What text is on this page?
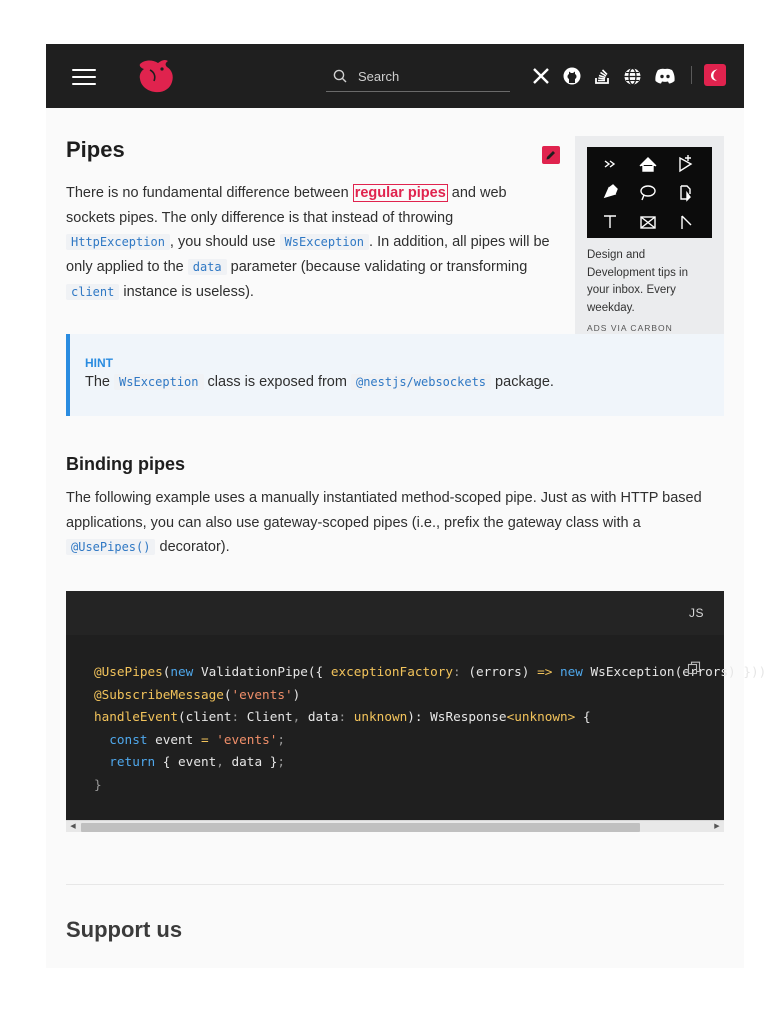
Search
Pipes

There is no fundamental difference between regular pipes and web sockets pipes. The only difference is that instead of throwing HttpException , you should use WsException . In addition, all pipes will be only applied to the data parameter (because validating or transforming client instance is useless).

Design and Development tips in your inbox. Every weekday.
ADS VIA CARBON
HINT
The WsException class is exposed from @nestjs/websockets package.
Binding pipes

The following example uses a manually instantiated method-scoped pipe. Just as with HTTP based applications, you can also use gateway-scoped pipes (i.e., prefix the gateway class with a @UsePipes() decorator).

JS
@UsePipes(new ValidationPipe({ exceptionFactory: (errors) => new WsException(errors) }))
@SubscribeMessage('events')
handleEvent(client: Client, data: unknown): WsResponse<unknown> {
const event = 'events';
return { event, data };
}
◀	▶
Support us
